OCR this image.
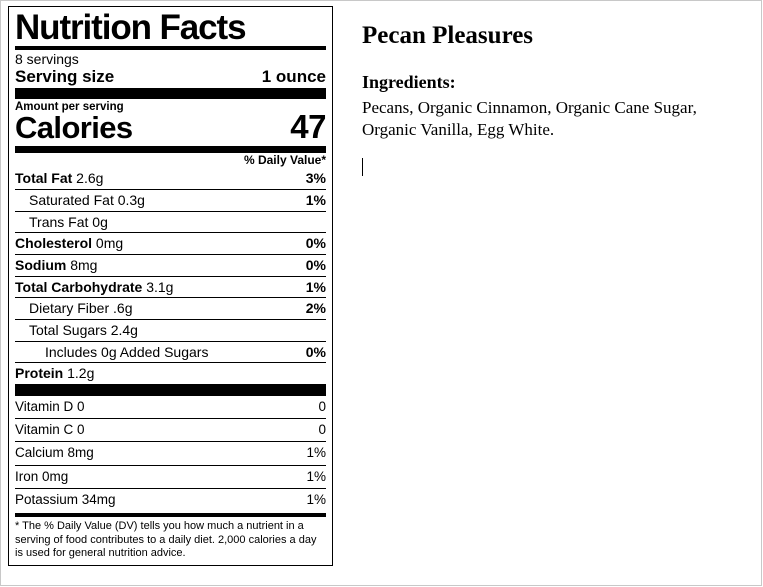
Nutrition Facts
8 servings
Serving size	1 ounce
Amount per serving
Calories	47
% Daily Value*
Total Fat 2.6g	3%
Saturated Fat 0.3g	1%
Trans Fat 0g
Cholesterol 0mg	0%
Sodium 8mg	0%
Total Carbohydrate 3.1g	1%
Dietary Fiber .6g	2%
Total Sugars 2.4g
Includes 0g Added Sugars	0%
Protein 1.2g
Vitamin D 0	0
Vitamin C 0	0
Calcium 8mg	1%
Iron 0mg	1%
Potassium 34mg	1%
* The % Daily Value (DV) tells you how much a nutrient in a serving of food contributes to a daily diet. 2,000 calories a day is used for general nutrition advice.
Pecan Pleasures
Ingredients:
Pecans, Organic Cinnamon, Organic Cane Sugar, Organic Vanilla, Egg White.
